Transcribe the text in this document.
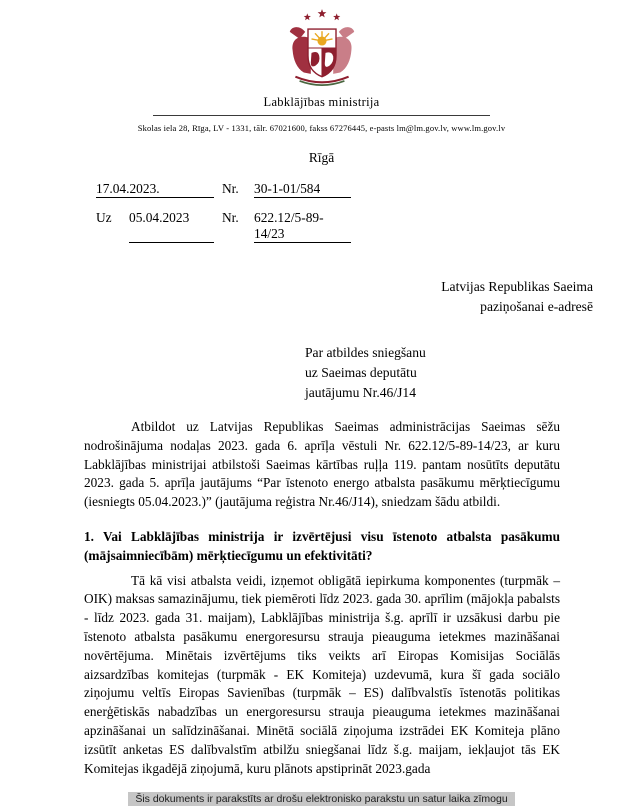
Labklājības ministrija
Skolas iela 28, Rīga, LV - 1331, tālr. 67021600, fakss 67276445, e-pasts lm@lm.gov.lv, www.lm.gov.lv
Rīgā
17.04.2023.	Nr.	30-1-01/584
Uz	05.04.2023	Nr.	622.12/5-89-14/23
Latvijas Republikas Saeima
paziņošanai e-adresē
Par atbildes sniegšanu
uz Saeimas deputātu
jautājumu Nr.46/J14

Atbildot uz Latvijas Republikas Saeimas administrācijas Saeimas sēžu nodrošinājuma nodaļas 2023. gada 6. aprīļa vēstuli Nr. 622.12/5-89-14/23, ar kuru Labklājības ministrijai atbilstoši Saeimas kārtības ruļļa 119. pantam nosūtīts deputātu 2023. gada 5. aprīļa jautājums “Par īstenoto energo atbalsta pasākumu mērķtiecīgumu (iesniegts 05.04.2023.)” (jautājuma reģistra Nr.46/J14), sniedzam šādu atbildi.

1. Vai Labklājības ministrija ir izvērtējusi visu īstenoto atbalsta pasākumu (mājsaimniecībām) mērķtiecīgumu un efektivitāti?

Tā kā visi atbalsta veidi, izņemot obligātā iepirkuma komponentes (turpmāk – OIK) maksas samazinājumu, tiek piemēroti līdz 2023. gada 30. aprīlim (mājokļa pabalsts - līdz 2023. gada 31. maijam), Labklājības ministrija š.g. aprīlī ir uzsākusi darbu pie īstenoto atbalsta pasākumu energoresursu strauja pieauguma ietekmes mazināšanai novērtējuma. Minētais izvērtējums tiks veikts arī Eiropas Komisijas Sociālās aizsardzības komitejas (turpmāk - EK Komiteja) uzdevumā, kura šī gada sociālo ziņojumu veltīs Eiropas Savienības (turpmāk – ES) dalībvalstīs īstenotās politikas enerģētiskās nabadzības un energoresursu strauja pieauguma ietekmes mazināšanai apzināšanai un salīdzināšanai. Minētā sociālā ziņojuma izstrādei EK Komiteja plāno izsūtīt anketas ES dalībvalstīm atbilžu sniegšanai līdz š.g. maijam, iekļaujot tās EK Komitejas ikgadējā ziņojumā, kuru plānots apstiprināt 2023.gada

Šis dokuments ir parakstīts ar drošu elektronisko parakstu un satur laika zīmogu
